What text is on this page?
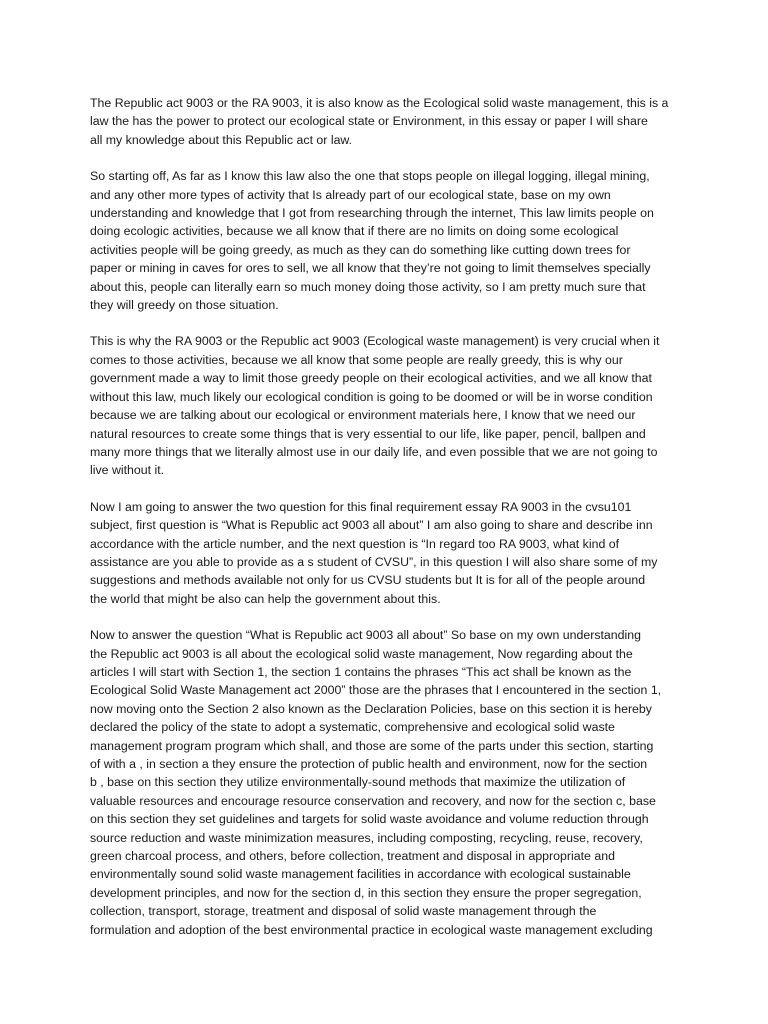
The Republic act 9003 or the RA 9003, it is also know as the Ecological solid waste management, this is a
law the has the power to protect our ecological state or Environment, in this essay or paper I will share
all my knowledge about this Republic act or law.

So starting off, As far as I know this law also the one that stops people on illegal logging, illegal mining,
and any other more types of activity that Is already part of our ecological state, base on my own
understanding and knowledge that I got from researching through the internet, This law limits people on
doing ecologic activities, because we all know that if there are no limits on doing some ecological
activities people will be going greedy, as much as they can do something like cutting down trees for
paper or mining in caves for ores to sell, we all know that they’re not going to limit themselves specially
about this, people can literally earn so much money doing those activity, so I am pretty much sure that
they will greedy on those situation.

This is why the RA 9003 or the Republic act 9003 (Ecological waste management) is very crucial when it
comes to those activities, because we all know that some people are really greedy, this is why our
government made a way to limit those greedy people on their ecological activities, and we all know that
without this law, much likely our ecological condition is going to be doomed or will be in worse condition
because we are talking about our ecological or environment materials here, I know that we need our
natural resources to create some things that is very essential to our life, like paper, pencil, ballpen and
many more things that we literally almost use in our daily life, and even possible that we are not going to
live without it.

Now I am going to answer the two question for this final requirement essay RA 9003 in the cvsu101
subject, first question is “What is Republic act 9003 all about” I am also going to share and describe inn
accordance with the article number, and the next question is “In regard too RA 9003, what kind of
assistance are you able to provide as a s student of CVSU”, in this question I will also share some of my
suggestions and methods available not only for us CVSU students but It is for all of the people around
the world that might be also can help the government about this.

Now to answer the question “What is Republic act 9003 all about” So base on my own understanding
the Republic act 9003 is all about the ecological solid waste management, Now regarding about the
articles I will start with Section 1, the section 1 contains the phrases “This act shall be known as the
Ecological Solid Waste Management act 2000” those are the phrases that I encountered in the section 1,
now moving onto the Section 2 also known as the Declaration Policies, base on this section it is hereby
declared the policy of the state to adopt a systematic, comprehensive and ecological solid waste
management program program which shall, and those are some of the parts under this section, starting
of with a , in section a they ensure the protection of public health and environment, now for the section
b , base on this section they utilize environmentally-sound methods that maximize the utilization of
valuable resources and encourage resource conservation and recovery, and now for the section c, base
on this section they set guidelines and targets for solid waste avoidance and volume reduction through
source reduction and waste minimization measures, including composting, recycling, reuse, recovery,
green charcoal process, and others, before collection, treatment and disposal in appropriate and
environmentally sound solid waste management facilities in accordance with ecological sustainable
development principles, and now for the section d, in this section they ensure the proper segregation,
collection, transport, storage, treatment and disposal of solid waste management through the
formulation and adoption of the best environmental practice in ecological waste management excluding
